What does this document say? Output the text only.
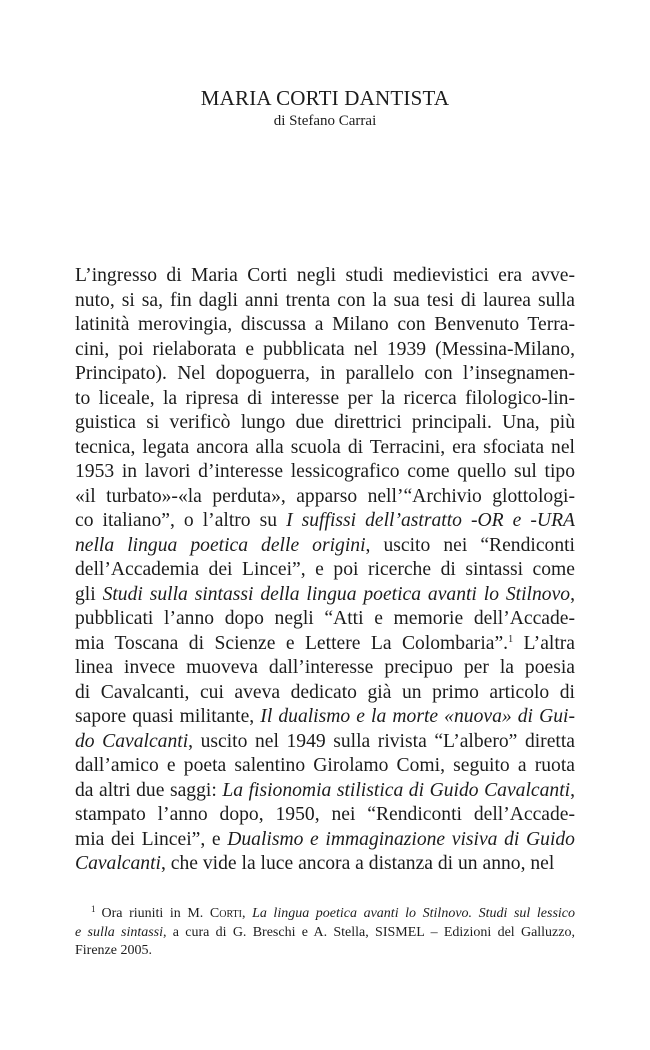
MARIA CORTI DANTISTA
di Stefano Carrai
L’ingresso di Maria Corti negli studi medievistici era avve-
nuto, si sa, fin dagli anni trenta con la sua tesi di laurea sulla
latinità merovingia, discussa a Milano con Benvenuto Terra-
cini, poi rielaborata e pubblicata nel 1939 (Messina-Milano,
Principato). Nel dopoguerra, in parallelo con l’insegnamen-
to liceale, la ripresa di interesse per la ricerca filologico-lin-
guistica si verificò lungo due direttrici principali. Una, più
tecnica, legata ancora alla scuola di Terracini, era sfociata nel
1953 in lavori d’interesse lessicografico come quello sul tipo
«il turbato»-«la perduta», apparso nell’“Archivio glottologi-
co italiano”, o l’altro su I suffissi dell’astratto -OR e -URA
nella lingua poetica delle origini, uscito nei “Rendiconti
dell’Accademia dei Lincei”, e poi ricerche di sintassi come
gli Studi sulla sintassi della lingua poetica avanti lo Stilnovo,
pubblicati l’anno dopo negli “Atti e memorie dell’Accade-
mia Toscana di Scienze e Lettere La Colombaria”.$^1$ L’altra
linea invece muoveva dall’interesse precipuo per la poesia
di Cavalcanti, cui aveva dedicato già un primo articolo di
sapore quasi militante, Il dualismo e la morte «nuova» di Gui-
do Cavalcanti, uscito nel 1949 sulla rivista “L’albero” diretta
dall’amico e poeta salentino Girolamo Comi, seguito a ruota
da altri due saggi: La fisionomia stilistica di Guido Cavalcanti,
stampato l’anno dopo, 1950, nei “Rendiconti dell’Accade-
mia dei Lincei”, e Dualismo e immaginazione visiva di Guido
Cavalcanti, che vide la luce ancora a distanza di un anno, nel
$^1$ Ora riuniti in M. Corti, La lingua poetica avanti lo Stilnovo. Studi sul lessico
e sulla sintassi, a cura di G. Breschi e A. Stella, SISMEL – Edizioni del Galluzzo,
Firenze 2005.
